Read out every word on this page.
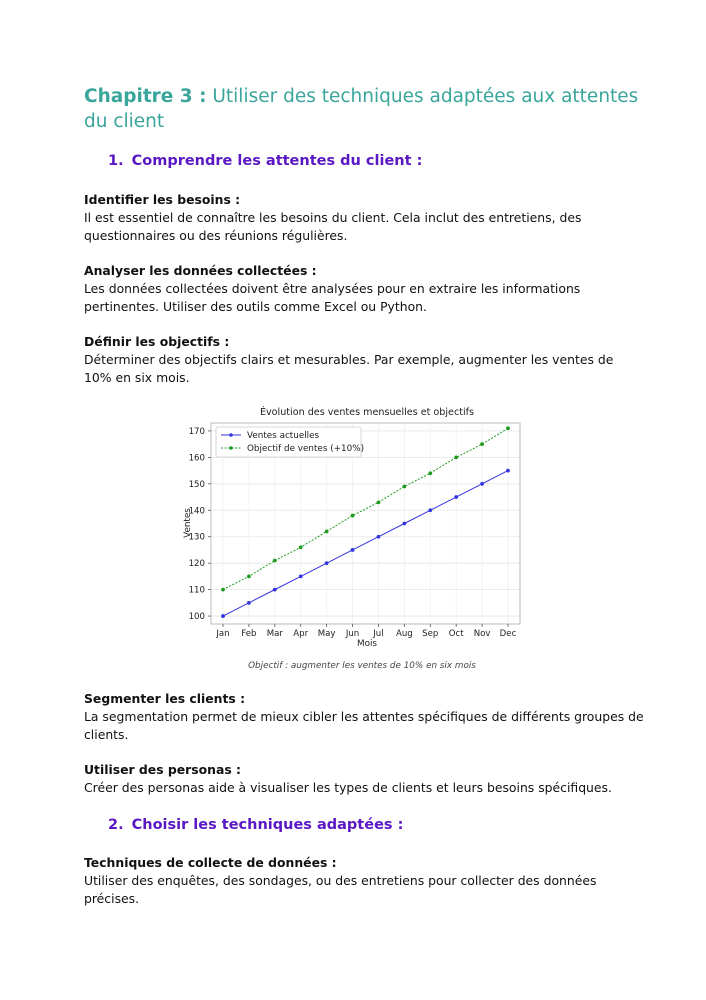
Chapitre 3 : Utiliser des techniques adaptées aux attentes du client
1. Comprendre les attentes du client :
Identifier les besoins :
Il est essentiel de connaître les besoins du client. Cela inclut des entretiens, des questionnaires ou des réunions régulières.
Analyser les données collectées :
Les données collectées doivent être analysées pour en extraire les informations pertinentes. Utiliser des outils comme Excel ou Python.
Définir les objectifs :
Déterminer des objectifs clairs et mesurables. Par exemple, augmenter les ventes de 10% en six mois.
Évolution des ventes mensuelles et objectifs
100
110
120
130
140
150
160
170
Jan Feb Mar Apr May Jun Jul Aug Sep Oct Nov Dec
Ventes actuelles
Objectif de ventes (+10%)
Mois
Ventes
Objectif : augmenter les ventes de 10% en six mois
Segmenter les clients :
La segmentation permet de mieux cibler les attentes spécifiques de différents groupes de clients.
Utiliser des personas :
Créer des personas aide à visualiser les types de clients et leurs besoins spécifiques.
2. Choisir les techniques adaptées :
Techniques de collecte de données :
Utiliser des enquêtes, des sondages, ou des entretiens pour collecter des données précises.
